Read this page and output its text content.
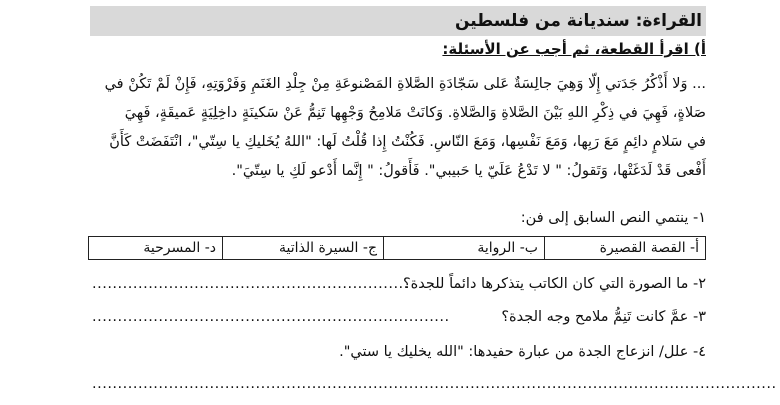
القراءة: سنديانة من فلسطين
أ) اقرأ القطعة، ثم أجب عن الأسئلة:
... وَلا أَذْكُرُ جَدَتي إِلّا وَهِيَ جالِسَةٌ عَلى سَجّادَةِ الصَّلاةِ المَصْنوعَةِ مِنْ جِلْدِ الغَنَمِ وَفَرْوَتِهِ، فَإِنْ لَمْ تَكُنْ في
صَلاةٍ، فَهِيَ في ذِكْرِ اللهِ بَيْنَ الصَّلاةِ وَالصَّلاةِ. وَكانَتْ مَلامِحُ وَجْهِها تَنِمُّ عَنْ سَكينَةٍ داخِلِيَةٍ عَميقَةٍ، فَهِيَ
في سَلامٍ دائِمٍ مَعَ رَبِها، وَمَعَ نَفْسِها، وَمَعَ النّاسِ. فَكُنْتُ إِذا قُلْتُ لَها: "اللهُ يُخَليكِ يا سِتّي"، انْتَفَضَتْ كَأَنَّ
أَفْعى قَدْ لَدَغَتْها، وَتَقولُ: " لا تَدْعُ عَلَيّ يا حَبيبي". فَأَقولُ: " إِنَّما أَدْعو لَكِ يا سِتّيَ".
١- ينتمي النص السابق إلى فن:
أ- القصة القصيرة	ب- الرواية	ج- السيرة الذاتية	د- المسرحية
٢- ما الصورة التي كان الكاتب يتذكرها دائماً للجدة؟
..............................................................
٣- عمَّ كانت تَنِمُّ ملامح وجه الجدة؟
......................................................................
٤- علل/ انزعاج الجدة من عبارة حفيدها: "الله يخليك يا ستي".
......................................................................................................................................
